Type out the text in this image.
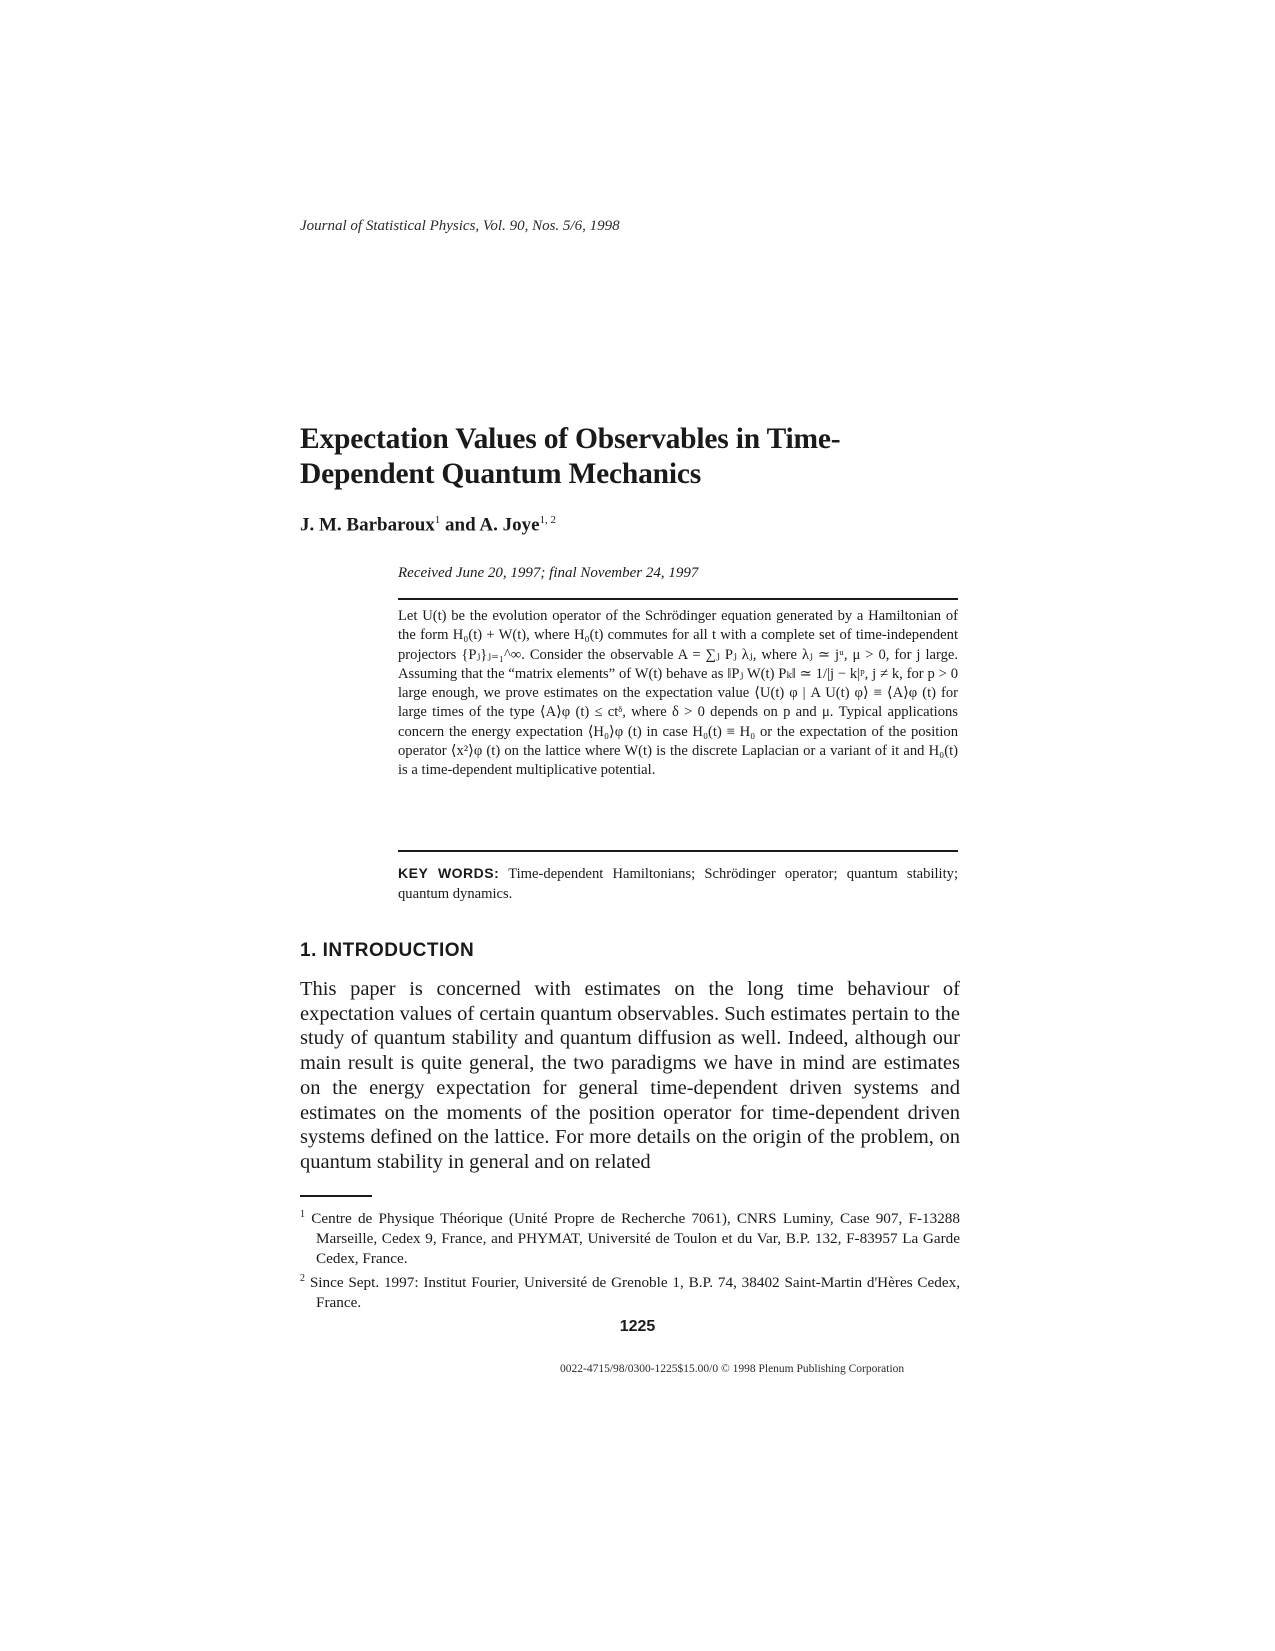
Journal of Statistical Physics, Vol. 90, Nos. 5/6, 1998
Expectation Values of Observables in Time-Dependent Quantum Mechanics
J. M. Barbaroux$^1$ and A. Joye$^{1, 2}$
Received June 20, 1997; final November 24, 1997
Let U(t) be the evolution operator of the Schrödinger equation generated by a Hamiltonian of the form H₀(t) + W(t), where H₀(t) commutes for all t with a complete set of time-independent projectors {Pⱼ}ⱼ₌₁^∞. Consider the observable A = ∑ⱼ Pⱼ λⱼ, where λⱼ ≃ jᵘ, μ > 0, for j large. Assuming that the “matrix elements” of W(t) behave as ‖Pⱼ W(t) Pₖ‖ ≃ 1/|j − k|ᵖ, j ≠ k, for p > 0 large enough, we prove estimates on the expectation value ⟨U(t) φ | A U(t) φ⟩ ≡ ⟨A⟩φ (t) for large times of the type ⟨A⟩φ (t) ≤ ctᵟ, where δ > 0 depends on p and μ. Typical applications concern the energy expectation ⟨H₀⟩φ (t) in case H₀(t) ≡ H₀ or the expectation of the position operator ⟨x²⟩φ (t) on the lattice where W(t) is the discrete Laplacian or a variant of it and H₀(t) is a time-dependent multiplicative potential.
KEY WORDS: Time-dependent Hamiltonians; Schrödinger operator; quantum stability; quantum dynamics.
1. INTRODUCTION
This paper is concerned with estimates on the long time behaviour of expectation values of certain quantum observables. Such estimates pertain to the study of quantum stability and quantum diffusion as well. Indeed, although our main result is quite general, the two paradigms we have in mind are estimates on the energy expectation for general time-dependent driven systems and estimates on the moments of the position operator for time-dependent driven systems defined on the lattice. For more details on the origin of the problem, on quantum stability in general and on related

$^1$ Centre de Physique Théorique (Unité Propre de Recherche 7061), CNRS Luminy, Case 907, F-13288 Marseille, Cedex 9, France, and PHYMAT, Université de Toulon et du Var, B.P. 132, F-83957 La Garde Cedex, France.

$^2$ Since Sept. 1997: Institut Fourier, Université de Grenoble 1, B.P. 74, 38402 Saint-Martin d'Hères Cedex, France.

1225
0022-4715/98/0300-1225$15.00/0 © 1998 Plenum Publishing Corporation
